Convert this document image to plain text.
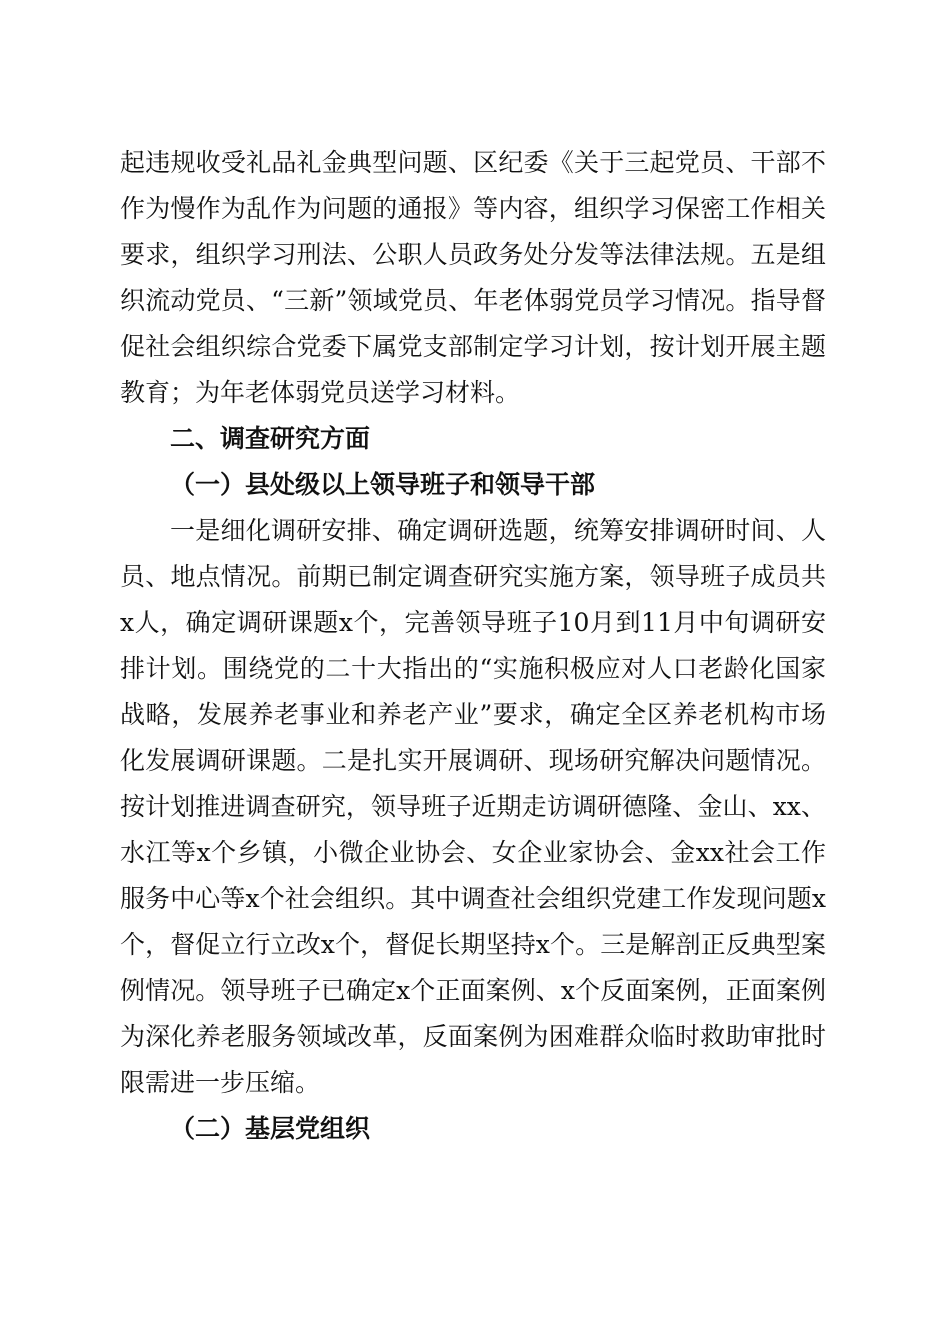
起违规收受礼品礼金典型问题、区纪委《关于三起党员、干部不作为慢作为乱作为问题的通报》等内容，组织学习保密工作相关要求，组织学习刑法、公职人员政务处分发等法律法规。五是组织流动党员、“三新”领域党员、年老体弱党员学习情况。指导督促社会组织综合党委下属党支部制定学习计划，按计划开展主题教育；为年老体弱党员送学习材料。

二、调查研究方面

（一）县处级以上领导班子和领导干部

一是细化调研安排、确定调研选题，统筹安排调研时间、人员、地点情况。前期已制定调查研究实施方案，领导班子成员共x人，确定调研课题x个，完善领导班子10月到11月中旬调研安排计划。围绕党的二十大指出的“实施积极应对人口老龄化国家战略，发展养老事业和养老产业”要求，确定全区养老机构市场化发展调研课题。二是扎实开展调研、现场研究解决问题情况。按计划推进调查研究，领导班子近期走访调研德隆、金山、xx、水江等x个乡镇，小微企业协会、女企业家协会、金xx社会工作服务中心等x个社会组织。其中调查社会组织党建工作发现问题x个，督促立行立改x个，督促长期坚持x个。三是解剖正反典型案例情况。领导班子已确定x个正面案例、x个反面案例，正面案例为深化养老服务领域改革，反面案例为困难群众临时救助审批时限需进一步压缩。

（二）基层党组织
